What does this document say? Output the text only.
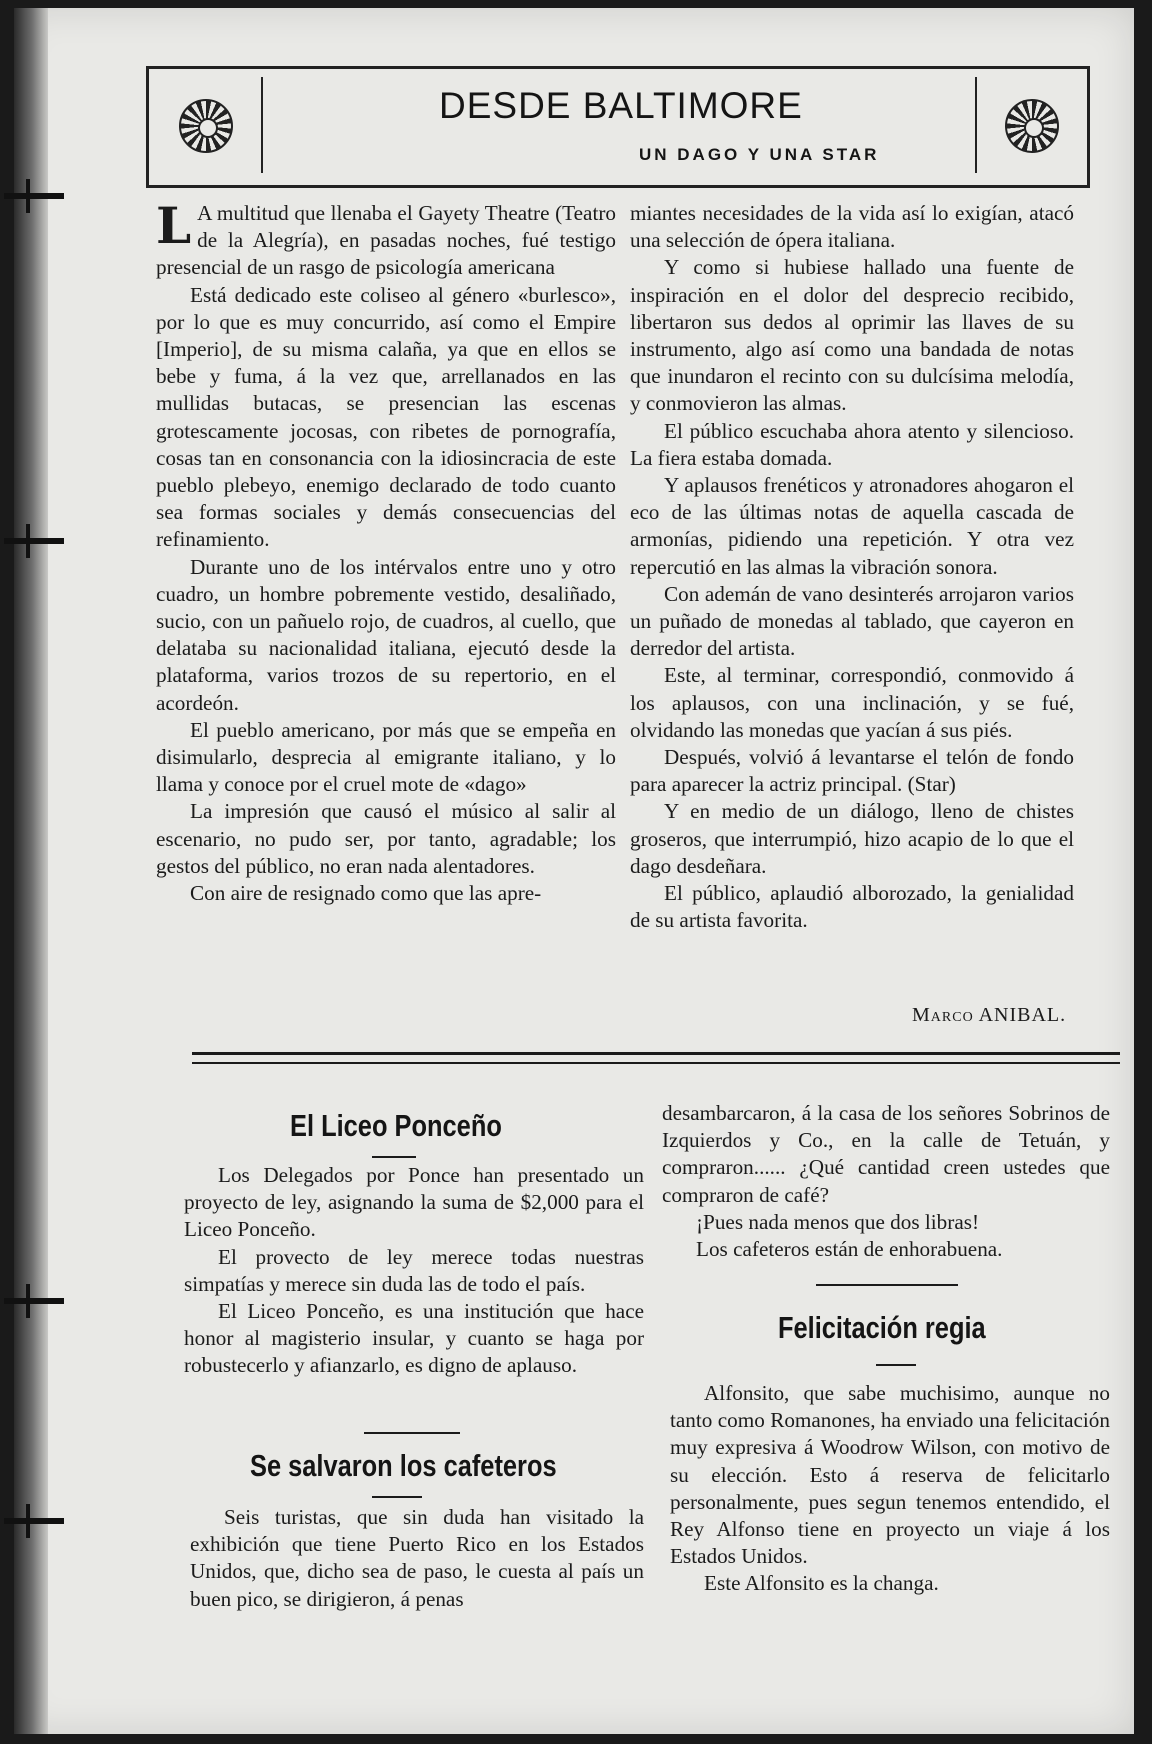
DESDE BALTIMORE
UN DAGO Y UNA STAR

L A multitud que llenaba el Gayety Theatre (Teatro de la Alegría), en pasadas noches, fué testigo presencial de un rasgo de psicología americana

Está dedicado este coliseo al género «burlesco», por lo que es muy concurrido, así como el Empire [Imperio], de su misma calaña, ya que en ellos se bebe y fuma, á la vez que, arrellanados en las mullidas butacas, se presencian las escenas grotescamente jocosas, con ribetes de pornografía, cosas tan en consonancia con la idiosincracia de este pueblo plebeyo, enemigo declarado de todo cuanto sea formas sociales y demás consecuencias del refinamiento.

Durante uno de los intérvalos entre uno y otro cuadro, un hombre pobremente vestido, desaliñado, sucio, con un pañuelo rojo, de cuadros, al cuello, que delataba su nacionalidad italiana, ejecutó desde la plataforma, varios trozos de su repertorio, en el acordeón.

El pueblo americano, por más que se empeña en disimularlo, desprecia al emigrante italiano, y lo llama y conoce por el cruel mote de «dago»

La impresión que causó el músico al salir al escenario, no pudo ser, por tanto, agradable; los gestos del público, no eran nada alentadores.

Con aire de resignado como que las apre-

miantes necesidades de la vida así lo exigían, atacó una selección de ópera italiana.

Y como si hubiese hallado una fuente de inspiración en el dolor del desprecio recibido, libertaron sus dedos al oprimir las llaves de su instrumento, algo así como una bandada de notas que inundaron el recinto con su dulcísima melodía, y conmovieron las almas.

El público escuchaba ahora atento y silencioso. La fiera estaba domada.

Y aplausos frenéticos y atronadores ahogaron el eco de las últimas notas de aquella cascada de armonías, pidiendo una repetición. Y otra vez repercutió en las almas la vibración sonora.

Con ademán de vano desinterés arrojaron varios un puñado de monedas al tablado, que cayeron en derredor del artista.

Este, al terminar, correspondió, conmovido á los aplausos, con una inclinación, y se fué, olvidando las monedas que yacían á sus piés.

Después, volvió á levantarse el telón de fondo para aparecer la actriz principal. (Star)

Y en medio de un diálogo, lleno de chistes groseros, que interrumpió, hizo acapio de lo que el dago desdeñara.

El público, aplaudió alborozado, la genialidad de su artista favorita.

Marco ANIBAL.
El Liceo Ponceño

Los Delegados por Ponce han presentado un proyecto de ley, asignando la suma de $2,000 para el Liceo Ponceño.

El provecto de ley merece todas nuestras simpatías y merece sin duda las de todo el país.

El Liceo Ponceño, es una institución que hace honor al magisterio insular, y cuanto se haga por robustecerlo y afianzarlo, es digno de aplauso.

Se salvaron los cafeteros

Seis turistas, que sin duda han visitado la exhibición que tiene Puerto Rico en los Estados Unidos, que, dicho sea de paso, le cuesta al país un buen pico, se dirigieron, á penas

desambarcaron, á la casa de los señores Sobrinos de Izquierdos y Co., en la calle de Tetuán, y compraron...... ¿Qué cantidad creen ustedes que compraron de café?

¡Pues nada menos que dos libras!

Los cafeteros están de enhorabuena.

Felicitación regia

Alfonsito, que sabe muchisimo, aunque no tanto como Romanones, ha enviado una felicitación muy expresiva á Woodrow Wilson, con motivo de su elección. Esto á reserva de felicitarlo personalmente, pues segun tenemos entendido, el Rey Alfonso tiene en proyecto un viaje á los Estados Unidos.

Este Alfonsito es la changa.
